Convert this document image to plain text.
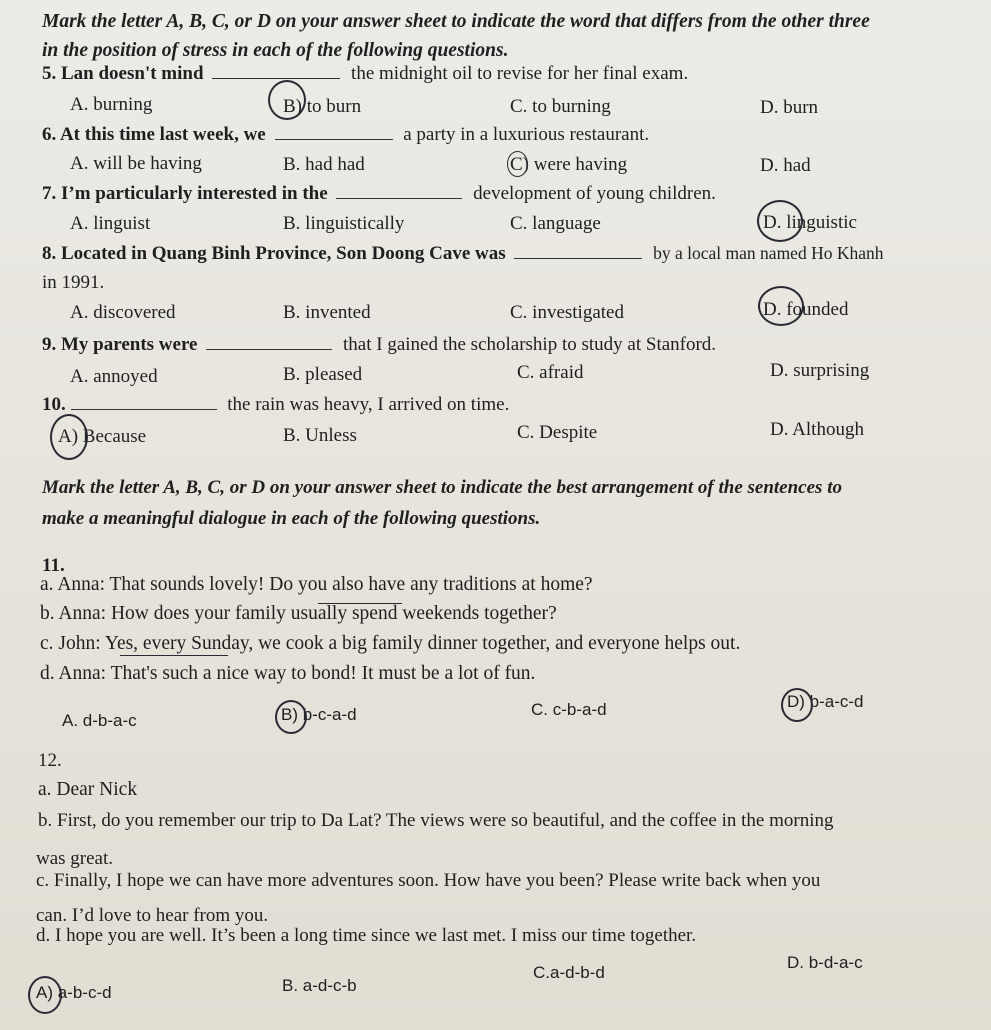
Mark the letter A, B, C, or D on your answer sheet to indicate the word that differs from the other three
in the position of stress in each of the following questions.
5. Lan doesn't mind	the midnight oil to revise for her final exam.
A. burning	B) to burn	C. to burning	D. burn
6. At this time last week, we	a party in a luxurious restaurant.
A. will be having	B. had had	C) were having	D. had
7. I’m particularly interested in the	development of young children.
A. linguist	B. linguistically	C. language	D. linguistic
8. Located in Quang Binh Province, Son Doong Cave was	by a local man named Ho Khanh
in 1991.
A. discovered	B. invented	C. investigated	D. founded
9. My parents were	that I gained the scholarship to study at Stanford.
A. annoyed	B. pleased	C. afraid	D. surprising
10.	the rain was heavy, I arrived on time.
A) Because	B. Unless	C. Despite	D. Although
Mark the letter A, B, C, or D on your answer sheet to indicate the best arrangement of the sentences to
make a meaningful dialogue in each of the following questions.
11.
a. Anna: That sounds lovely! Do you also have any traditions at home?
b. Anna: How does your family usually spend weekends together?
c. John: Yes, every Sunday, we cook a big family dinner together, and everyone helps out.
d. Anna: That's such a nice way to bond! It must be a lot of fun.
A. d-b-a-c	B) b-c-a-d	C. c-b-a-d	D) b-a-c-d
12.
a. Dear Nick
b. First, do you remember our trip to Da Lat? The views were so beautiful, and the coffee in the morning
was great.
c. Finally, I hope we can have more adventures soon. How have you been? Please write back when you
can. I’d love to hear from you.
d. I hope you are well. It’s been a long time since we last met. I miss our time together.
A) a-b-c-d	B. a-d-c-b
C.a-d-b-d
D. b-d-a-c
